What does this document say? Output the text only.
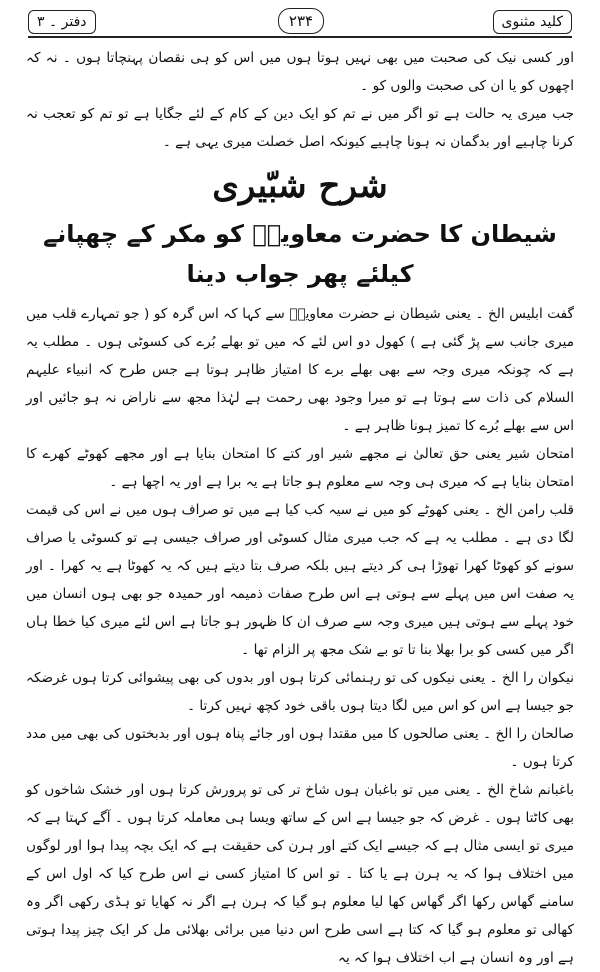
کلید مثنوی
۲۳۴
دفتر ۔ ۳

اور کسی نیک کی صحبت میں بھی نہیں ہوتا ہوں میں اس کو ہی نقصان پہنچاتا ہوں ۔ نہ کہ اچھوں کو یا ان کی صحبت والوں کو ۔

جب میری یہ حالت ہے تو اگر میں نے تم کو ایک دین کے کام کے لئے جگایا ہے تو تم کو تعجب نہ کرنا چاہیے اور بدگمان نہ ہونا چاہیے کیونکہ اصل خصلت میری یہی ہے ۔

شرح شبّیری
شیطان کا حضرت معاویہؓ کو مکر کے چھپانے کیلئے پھر جواب دینا

گفت ابلیس الخ ۔ یعنی شیطان نے حضرت معاویہؓ سے کہا کہ اس گرہ کو ( جو تمہارے قلب میں میری جانب سے پڑ گئی ہے ) کھول دو اس لئے کہ میں تو بھلے بُرے کی کسوٹی ہوں ۔ مطلب یہ ہے کہ چونکہ میری وجہ سے بھی بھلے برے کا امتیاز ظاہر ہوتا ہے جس طرح کہ انبیاء علیہم السلام کی ذات سے ہوتا ہے تو میرا وجود بھی رحمت ہے لہٰذا مجھ سے ناراض نہ ہو جائیں اور اس سے بھلے بُرے کا تمیز ہونا ظاہر ہے ۔

امتحان شیر یعنی حق تعالیٰ نے مجھے شیر اور کتے کا امتحان بنایا ہے اور مجھے کھوٹے کھرے کا امتحان بنایا ہے کہ میری ہی وجہ سے معلوم ہو جاتا ہے یہ برا ہے اور یہ اچھا ہے ۔

قلب رامن الخ ۔ یعنی کھوٹے کو میں نے سیہ کب کیا ہے میں تو صراف ہوں میں نے اس کی قیمت لگا دی ہے ۔ مطلب یہ ہے کہ جب میری مثال کسوٹی اور صراف جیسی ہے تو کسوٹی یا صراف سونے کو کھوٹا کھرا تھوڑا ہی کر دیتے ہیں بلکہ صرف بتا دیتے ہیں کہ یہ کھوٹا ہے یہ کھرا ۔ اور یہ صفت اس میں پہلے سے ہوتی ہے اس طرح صفات ذمیمہ اور حمیدہ جو بھی ہوں انسان میں خود پہلے سے ہوتی ہیں میری وجہ سے صرف ان کا ظہور ہو جاتا ہے اس لئے میری کیا خطا ہاں اگر میں کسی کو برا بھلا بنا تا تو بے شک مجھ پر الزام تھا ۔

نیکوان را الخ ۔ یعنی نیکوں کی تو رہنمائی کرتا ہوں اور بدوں کی بھی پیشوائی کرتا ہوں غرضکہ جو جیسا ہے اس کو اس میں لگا دیتا ہوں باقی خود کچھ نہیں کرتا ۔

صالحان را الخ ۔ یعنی صالحوں کا میں مقتدا ہوں اور جائے پناہ ہوں اور بدبختوں کی بھی میں مدد کرتا ہوں ۔

باغبانم شاخ الخ ۔ یعنی میں تو باغبان ہوں شاخ تر کی تو پرورش کرتا ہوں اور خشک شاخوں کو بھی کاٹتا ہوں ۔ غرض کہ جو جیسا ہے اس کے ساتھ ویسا ہی معاملہ کرتا ہوں ۔ آگے کہتا ہے کہ میری تو ایسی مثال ہے کہ جیسے ایک کتے اور ہرن کی حقیقت ہے کہ ایک بچہ پیدا ہوا اور لوگوں میں اختلاف ہوا کہ یہ ہرن ہے یا کتا ۔ تو اس کا امتیاز کسی نے اس طرح کیا کہ اول اس کے سامنے گھاس رکھا اگر گھاس کھا لیا معلوم ہو گیا کہ ہرن ہے اگر نہ کھایا تو ہڈی رکھی اگر وہ کھالی تو معلوم ہو گیا کہ کتا ہے اسی طرح اس دنیا میں برائی بھلائی مل کر ایک چیز پیدا ہوتی ہے اور وہ انسان ہے اب اختلاف ہوا کہ یہ
